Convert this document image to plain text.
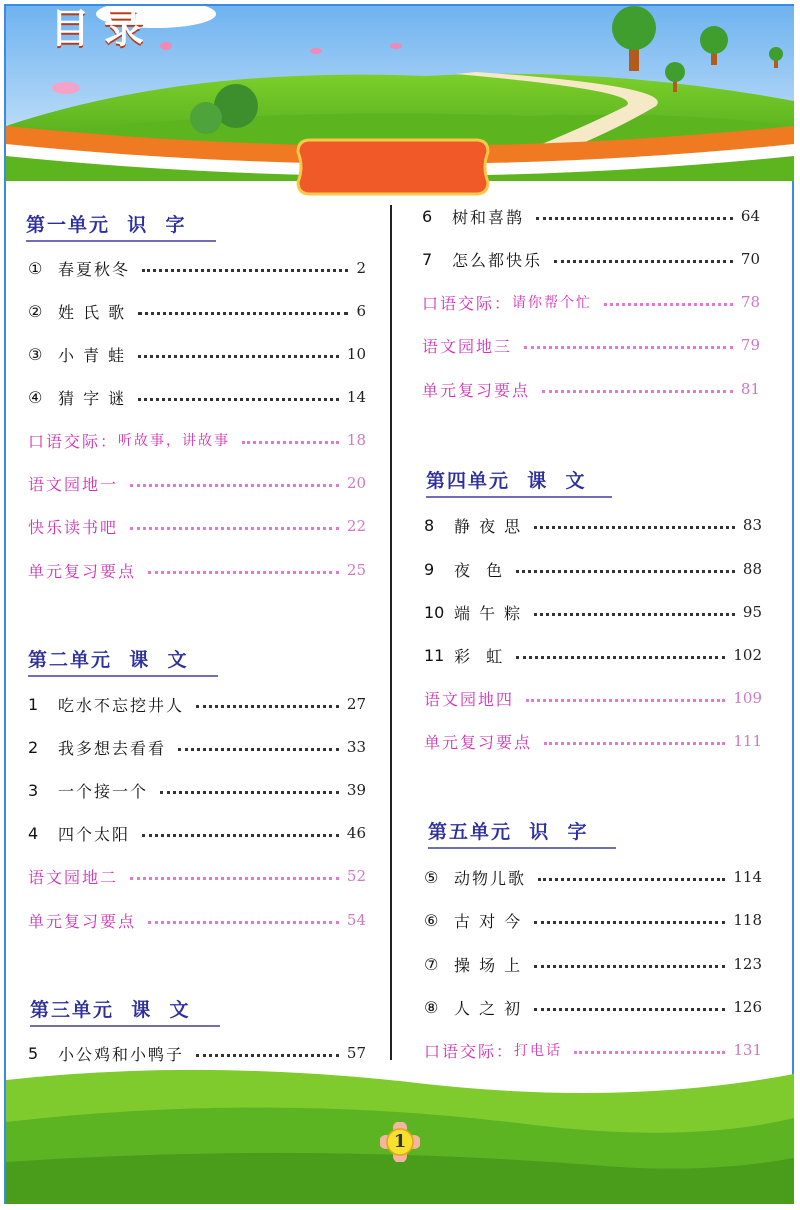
目录
第一单元  识  字
① 春夏秋冬	2
② 姓 氏 歌	6
③ 小 青 蛙	10
④ 猜 字 谜	14
口语交际： 听故事，讲故事	18
语文园地一	20
快乐读书吧	22
单元复习要点	25
第二单元  课  文
1	吃水不忘挖井人	27
2	我多想去看看	33
3	一个接一个	39
4	四个太阳	46
语文园地二	52
单元复习要点	54
第三单元  课  文
5	小公鸡和小鸭子	57
6	树和喜鹊	64
7	怎么都快乐	70
口语交际： 请你帮个忙	78
语文园地三	79
单元复习要点	81
第四单元  课  文
8	静 夜 思	83
9	夜  色	88
10 端 午 粽	95
11 彩  虹	102
语文园地四	109
单元复习要点	111
第五单元  识  字
⑤ 动物儿歌	114
⑥ 古 对 今	118
⑦ 操 场 上	123
⑧ 人 之 初	126
口语交际： 打电话	131
1
